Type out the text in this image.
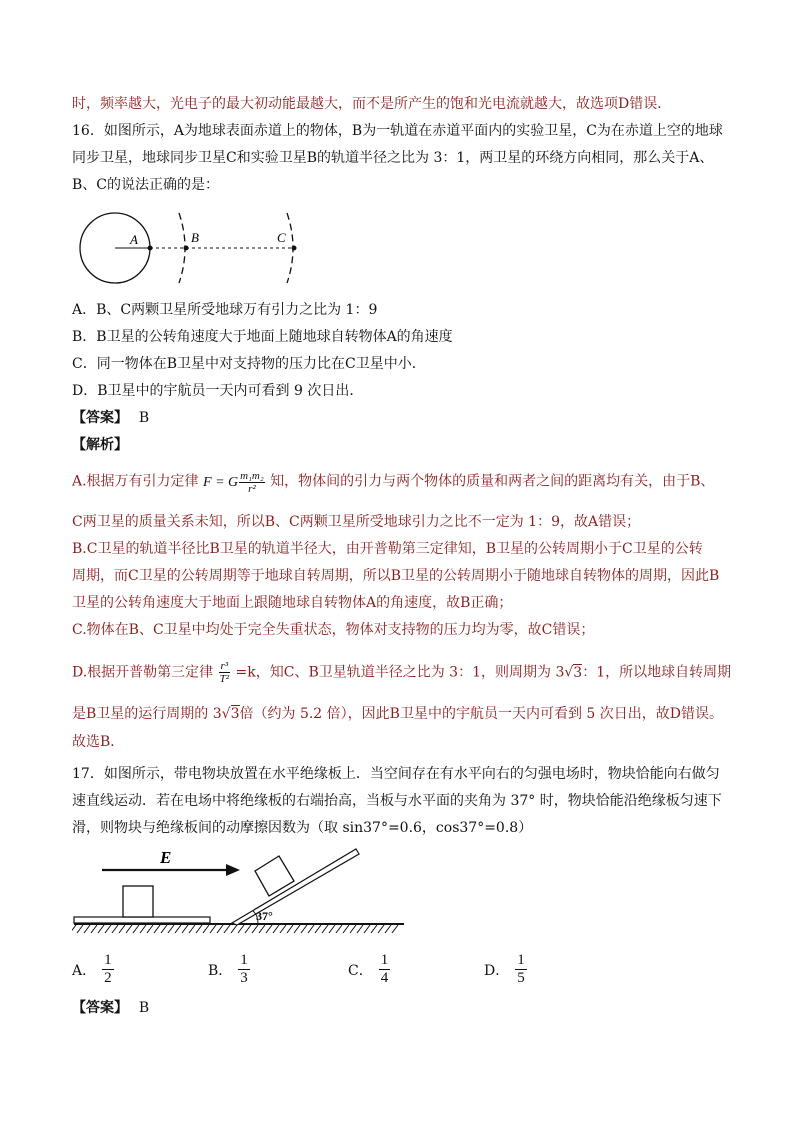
时，频率越大，光电子的最大初动能最越大，而不是所产生的饱和光电流就越大，故选项D错误．
16．如图所示，A为地球表面赤道上的物体，B为一轨道在赤道平面内的实验卫星，C为在赤道上空的地球
同步卫星，地球同步卫星C和实验卫星B的轨道半径之比为 3：1，两卫星的环绕方向相同，那么关于A、
B、C的说法正确的是：
A	B	C
A．B、C两颗卫星所受地球万有引力之比为 1：9
B．B卫星的公转角速度大于地面上随地球自转物体A的角速度
C．同一物体在B卫星中对支持物的压力比在C卫星中小．
D．B卫星中的宇航员一天内可看到 9 次日出．
【答案】 B
【解析】
A.根据万有引力定律 F = G $\frac{\text{m₁m₂}}{\text{r²}}$ 知，物体间的引力与两个物体的质量和两者之间的距离均有关，由于B、
C两卫星的质量关系未知，所以B、C两颗卫星所受地球引力之比不一定为 1：9，故A错误；
B.C卫星的轨道半径比B卫星的轨道半径大，由开普勒第三定律知，B卫星的公转周期小于C卫星的公转
周期，而C卫星的公转周期等于地球自转周期，所以B卫星的公转周期小于随地球自转物体的周期，因此B
卫星的公转角速度大于地面上跟随地球自转物体A的角速度，故B正确；
C.物体在B、C卫星中均处于完全失重状态，物体对支持物的压力均为零，故C错误；
D.根据开普勒第三定律 $\frac{\text{r³}}{\text{T²}} =k$，知C、B卫星轨道半径之比为 3：1，则周期为 3√3：1，所以地球自转周期
是B卫星的运行周期的 3√3倍（约为 5.2 倍），因此B卫星中的宇航员一天内可看到 5 次日出，故D错误。
故选B．
17．如图所示，带电物块放置在水平绝缘板上．当空间存在有水平向右的匀强电场时，物块恰能向右做匀
速直线运动．若在电场中将绝缘板的右端抬高，当板与水平面的夹角为 37° 时，物块恰能沿绝缘板匀速下
滑，则物块与绝缘板间的动摩擦因数为（取 sin37°=0.6，cos37°=0.8）
E
37°
A． $\frac{1}{2}$	B． $\frac{1}{3}$	C． $\frac{1}{4}$	D． $\frac{1}{5}$
【答案】 B
